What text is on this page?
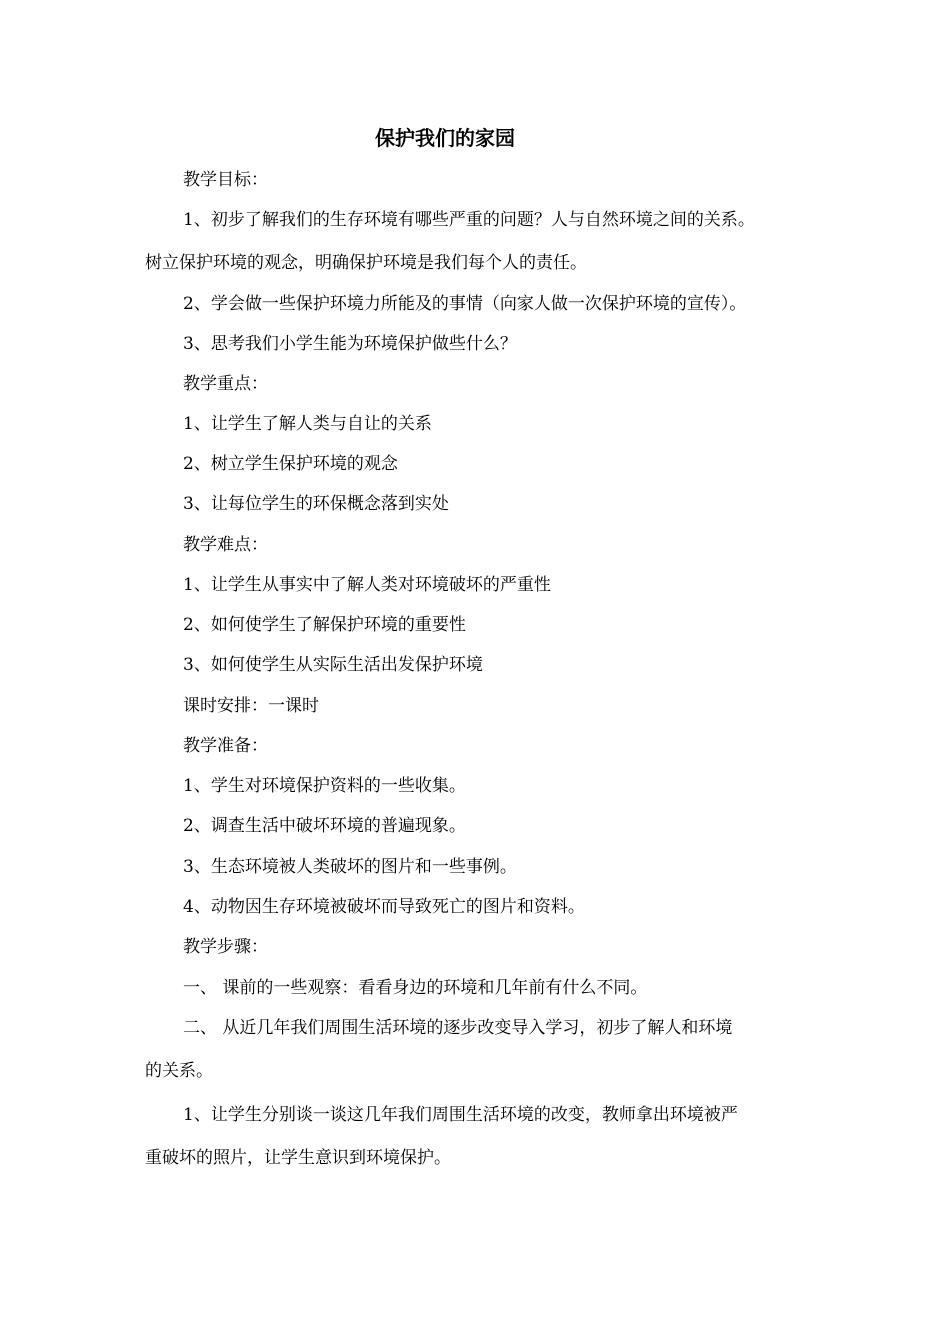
保护我们的家园
教学目标：
1、初步了解我们的生存环境有哪些严重的问题？人与自然环境之间的关系。
树立保护环境的观念，明确保护环境是我们每个人的责任。
2、学会做一些保护环境力所能及的事情（向家人做一次保护环境的宣传）。
3、思考我们小学生能为环境保护做些什么？
教学重点：
1、让学生了解人类与自让的关系
2、树立学生保护环境的观念
3、让每位学生的环保概念落到实处
教学难点：
1、让学生从事实中了解人类对环境破坏的严重性
2、如何使学生了解保护环境的重要性
3、如何使学生从实际生活出发保护环境
课时安排：一课时
教学准备：
1、学生对环境保护资料的一些收集。
2、调查生活中破坏环境的普遍现象。
3、生态环境被人类破坏的图片和一些事例。
4、动物因生存环境被破坏而导致死亡的图片和资料。
教学步骤：
一、 课前的一些观察：看看身边的环境和几年前有什么不同。
二、 从近几年我们周围生活环境的逐步改变导入学习，初步了解人和环境
的关系。
1、让学生分别谈一谈这几年我们周围生活环境的改变，教师拿出环境被严
重破坏的照片，让学生意识到环境保护。
